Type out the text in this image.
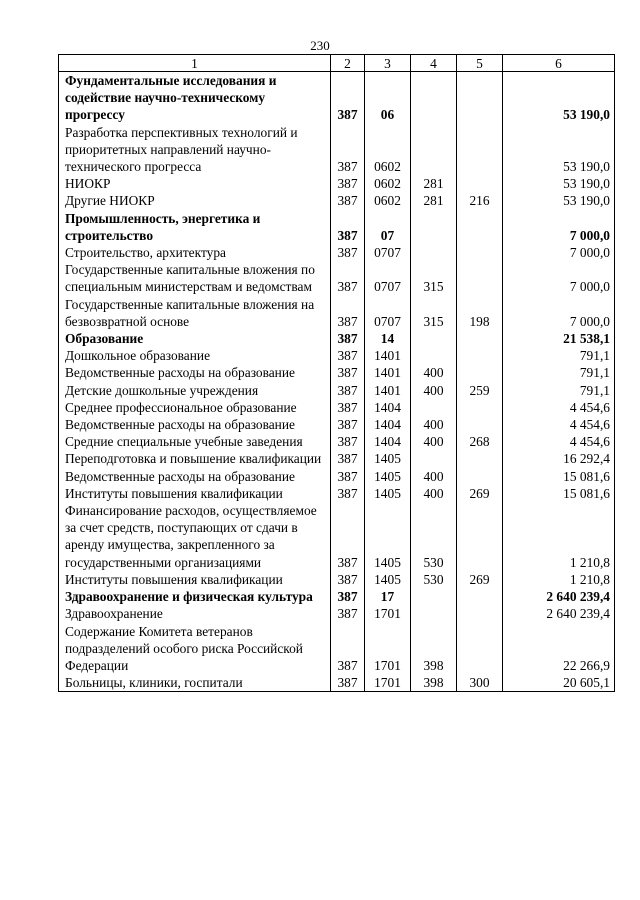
230
1	2	3	4	5	6
Фундаментальные исследования и содействие научно-техническому прогрессу	387	06			53 190,0
Разработка перспективных технологий и приоритетных направлений научно-технического прогресса	387	0602			53 190,0
НИОКР	387	0602	281		53 190,0
Другие НИОКР	387	0602	281	216	53 190,0
Промышленность, энергетика и строительство	387	07			7 000,0
Строительство, архитектура	387	0707			7 000,0
Государственные капитальные вложения по специальным министерствам и ведомствам	387	0707	315		7 000,0
Государственные капитальные вложения на безвозвратной основе	387	0707	315	198	7 000,0
Образование	387	14			21 538,1
Дошкольное образование	387	1401			791,1
Ведомственные расходы на образование	387	1401	400		791,1
Детские дошкольные учреждения	387	1401	400	259	791,1
Среднее профессиональное образование	387	1404			4 454,6
Ведомственные расходы на образование	387	1404	400		4 454,6
Средние специальные учебные заведения	387	1404	400	268	4 454,6
Переподготовка и повышение квалификации	387	1405			16 292,4
Ведомственные расходы на образование	387	1405	400		15 081,6
Институты повышения квалификации	387	1405	400	269	15 081,6
Финансирование расходов, осуществляемое за счет средств, поступающих от сдачи в аренду имущества, закрепленного за государственными организациями	387	1405	530		1 210,8
Институты повышения квалификации	387	1405	530	269	1 210,8
Здравоохранение и физическая культура	387	17			2 640 239,4
Здравоохранение	387	1701			2 640 239,4
Содержание Комитета ветеранов подразделений особого риска Российской Федерации	387	1701	398		22 266,9
Больницы, клиники, госпитали	387	1701	398	300	20 605,1
